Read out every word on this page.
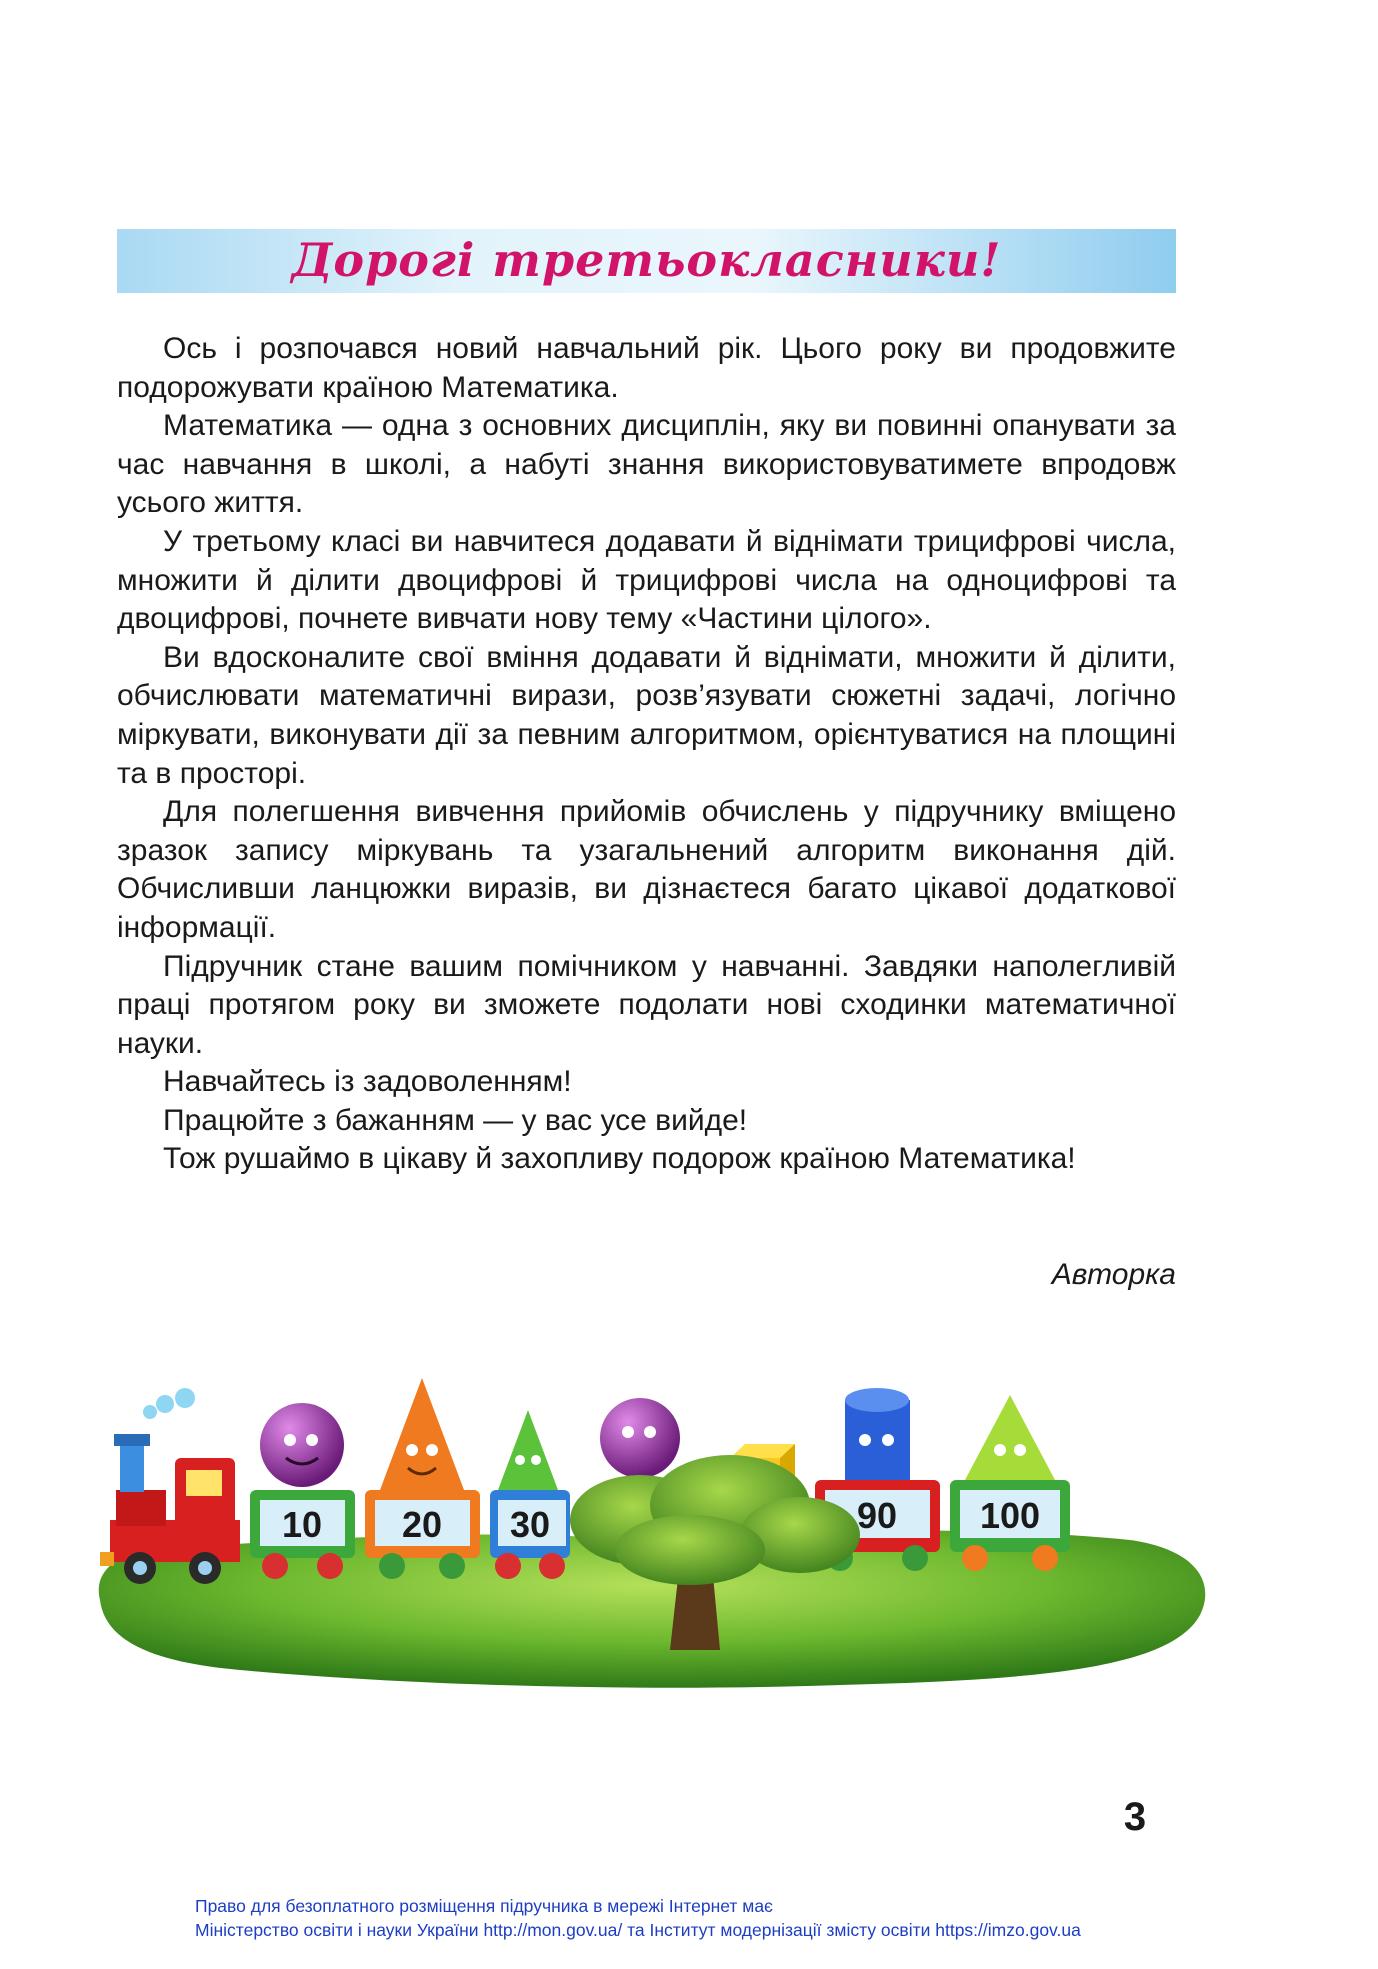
Дорогі третьокласники!

Ось і розпочався новий навчальний рік. Цього року ви продовжите подорожувати країною Математика.

Математика — одна з основних дисциплін, яку ви повинні опанувати за час навчання в школі, а набуті знання використовуватимете впродовж усього життя.

У третьому класі ви навчитеся додавати й віднімати трицифрові числа, множити й ділити двоцифрові й трицифрові числа на одноцифрові та двоцифрові, почнете вивчати нову тему «Частини цілого».

Ви вдосконалите свої вміння додавати й віднімати, множити й ділити, обчислювати математичні вирази, розв’язувати сюжетні задачі, логічно міркувати, виконувати дії за певним алгоритмом, орієнтуватися на площині та в просторі.

Для полегшення вивчення прийомів обчислень у підручнику вміщено зразок запису міркувань та узагальнений алгоритм виконання дій. Обчисливши ланцюжки виразів, ви дізнаєтеся багато цікавої додаткової інформації.

Підручник стане вашим помічником у навчанні. Завдяки наполегливій праці протягом року ви зможете подолати нові сходинки математичної науки.

Навчайтесь із задоволенням!

Працюйте з бажанням — у вас усе вийде!

Тож рушаймо в цікаву й захопливу подорож країною Математика!

Авторка
10 20 30	90 100
3
Право для безоплатного розміщення підручника в мережі Інтернет має
Міністерство освіти і науки України http://mon.gov.ua/ та Інститут модернізації змісту освіти https://imzo.gov.ua
